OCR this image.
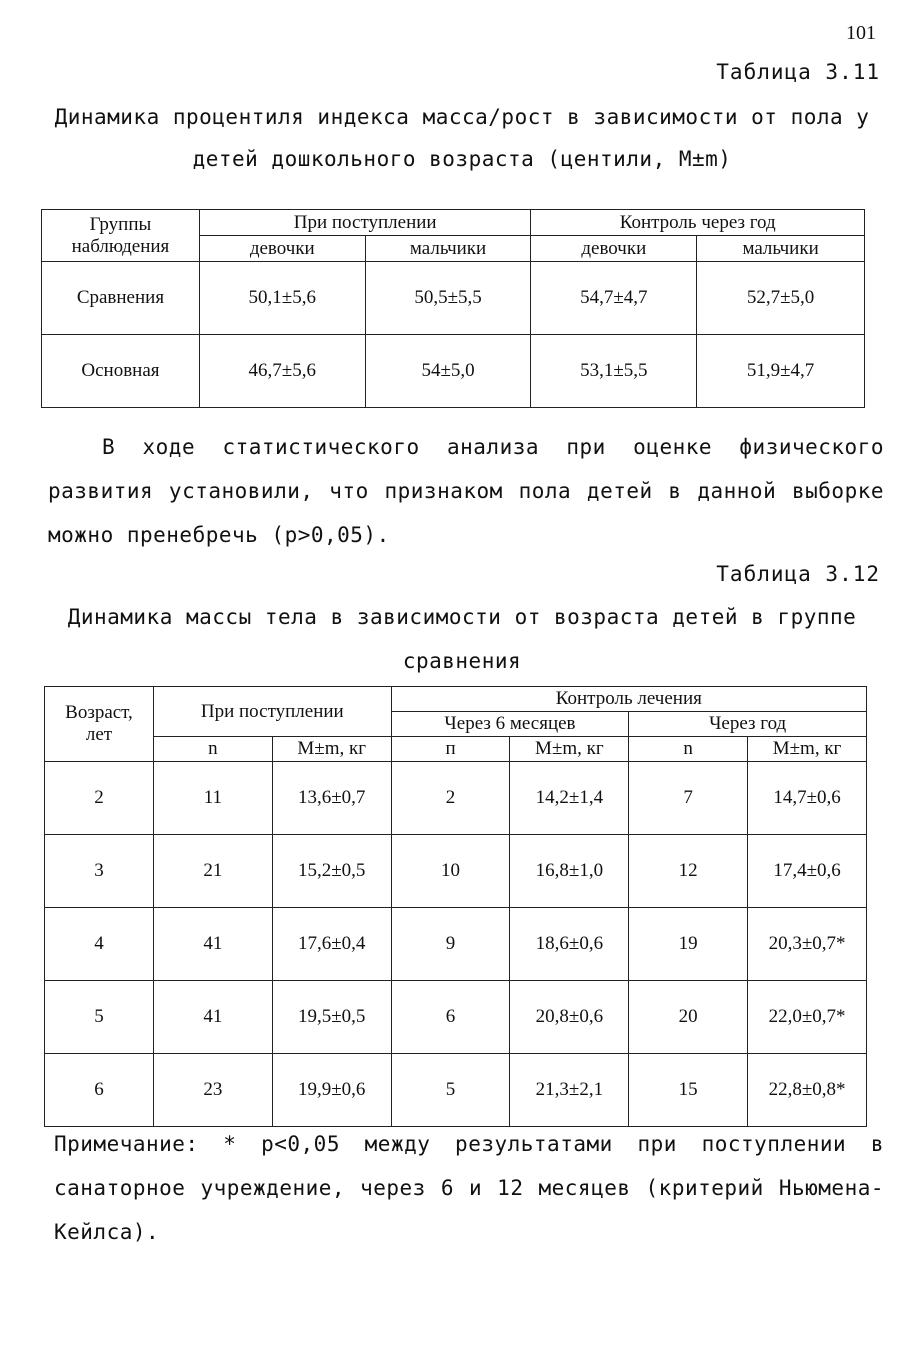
101
Таблица 3.11
Динамика процентиля индекса масса/рост в зависимости от пола у
детей дошкольного возраста (центили, M±m)
Группы наблюдения	При поступлении		Контроль через год	
	девочки	мальчики	девочки	мальчики
Сравнения	50,1±5,6	50,5±5,5	54,7±4,7	52,7±5,0
Основная	46,7±5,6	54±5,0	53,1±5,5	51,9±4,7
В ходе статистического анализа при оценке физического
развития установили, что признаком пола детей в данной выборке
можно пренебречь (p>0,05).
Таблица 3.12
Динамика массы тела в зависимости от возраста детей в группе
сравнения
Возраст, лет	При поступлении		Контроль лечения			
			Через 6 месяцев		Через год	
	n	M±m, кг	п	M±m, кг	n	M±m, кг
2	11	13,6±0,7	2	14,2±1,4	7	14,7±0,6
3	21	15,2±0,5	10	16,8±1,0	12	17,4±0,6
4	41	17,6±0,4	9	18,6±0,6	19	20,3±0,7*
5	41	19,5±0,5	6	20,8±0,6	20	22,0±0,7*
6	23	19,9±0,6	5	21,3±2,1	15	22,8±0,8*
Примечание: * p<0,05 между результатами при поступлении в
санаторное учреждение, через 6 и 12 месяцев (критерий Ньюмена-
Кейлса).
